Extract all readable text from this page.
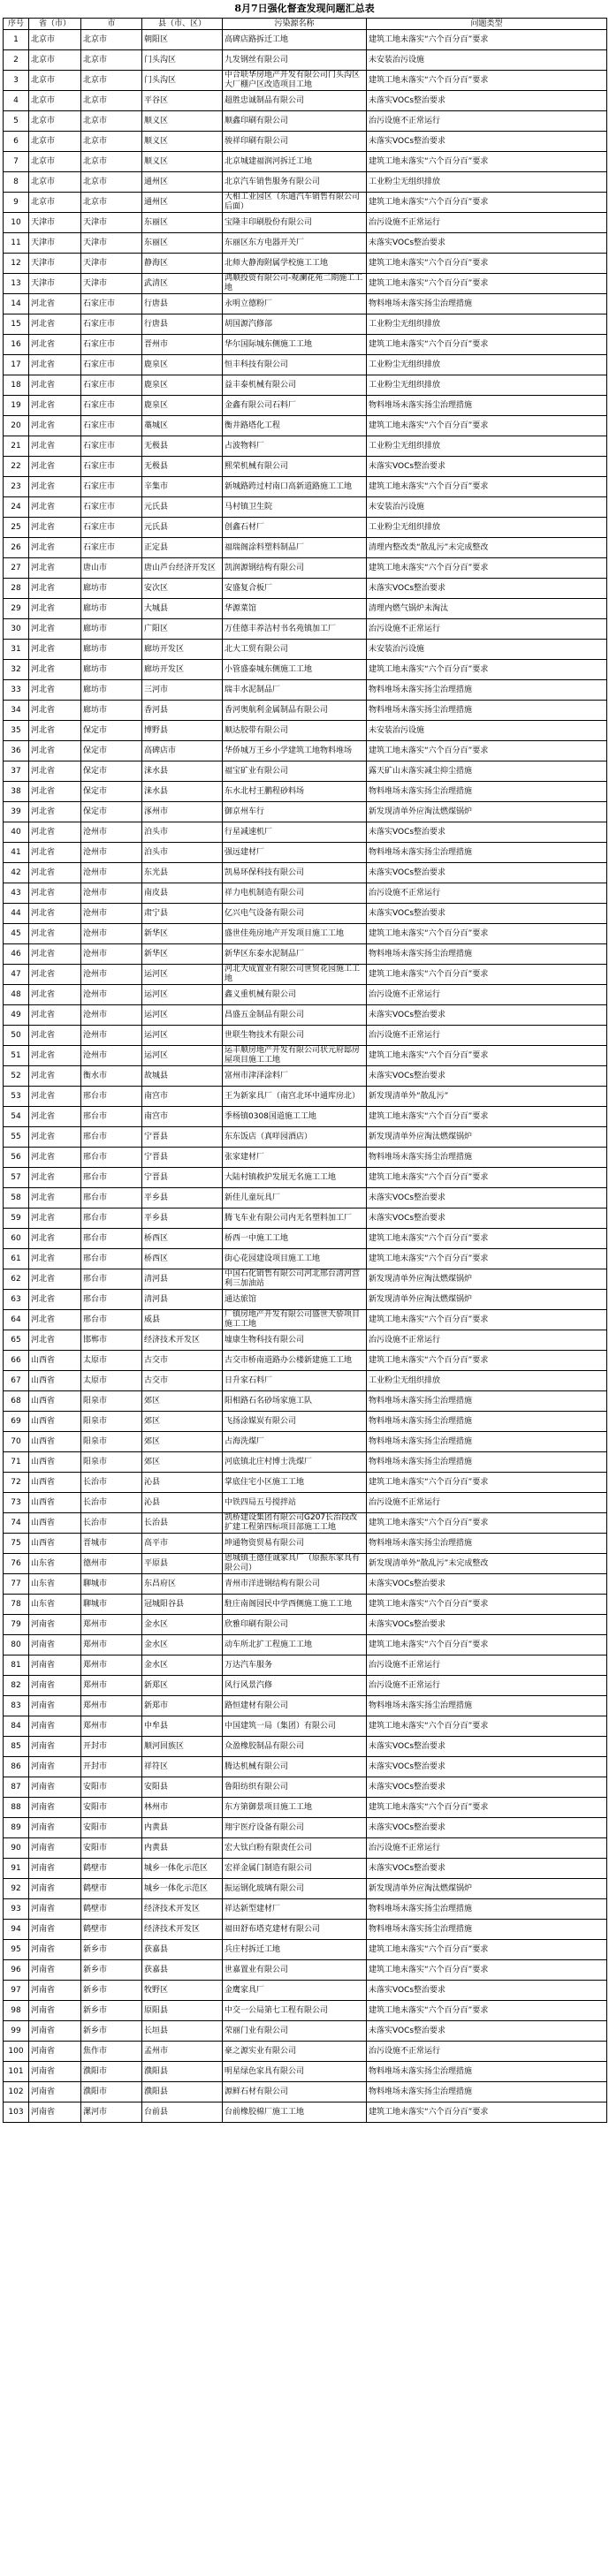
8月7日强化督查发现问题汇总表
序号	省（市）	市	县（市、区）	污染源名称	问题类型
1	北京市	北京市	朝阳区	高碑店路拆迁工地	建筑工地未落实“六个百分百”要求
2	北京市	北京市	门头沟区	九发钢丝有限公司	未安装治污设施
3	北京市	北京市	门头沟区	中合联华房地产开发有限公司门头沟区大厂棚户区改造项目工地	建筑工地未落实“六个百分百”要求
4	北京市	北京市	平谷区	超胜忠诚制品有限公司	未落实VOCs整治要求
5	北京市	北京市	顺义区	顺鑫印刷有限公司	治污设施不正常运行
6	北京市	北京市	顺义区	骏祥印刷有限公司	未落实VOCs整治要求
7	北京市	北京市	顺义区	北京城建福润河拆迁工地	建筑工地未落实“六个百分百”要求
8	北京市	北京市	通州区	北京汽车销售服务有限公司	工业粉尘无组织排放
9	北京市	北京市	通州区	大相工业园区（东通汽车销售有限公司后面）	建筑工地未落实“六个百分百”要求
10	天津市	天津市	东丽区	宝隆丰印刷股份有限公司	治污设施不正常运行
11	天津市	天津市	东丽区	东丽区东方电器开关厂	未落实VOCs整治要求
12	天津市	天津市	静海区	北师大静海附属学校施工工地	建筑工地未落实“六个百分百”要求
13	天津市	天津市	武清区	鸿顺投资有限公司-观澜花苑二期施工工地	建筑工地未落实“六个百分百”要求
14	河北省	石家庄市	行唐县	永明立德粉厂	物料堆场未落实扬尘治理措施
15	河北省	石家庄市	行唐县	胡国源汽修部	工业粉尘无组织排放
16	河北省	石家庄市	晋州市	华尔国际城东侧施工工地	建筑工地未落实“六个百分百”要求
17	河北省	石家庄市	鹿泉区	恒丰科技有限公司	工业粉尘无组织排放
18	河北省	石家庄市	鹿泉区	益丰泰机械有限公司	工业粉尘无组织排放
19	河北省	石家庄市	鹿泉区	金鑫有限公司石料厂	物料堆场未落实扬尘治理措施
20	河北省	石家庄市	藁城区	衡井路塔化工程	建筑工地未落实“六个百分百”要求
21	河北省	石家庄市	无极县	占波物料厂	工业粉尘无组织排放
22	河北省	石家庄市	无极县	熙荣机械有限公司	未落实VOCs整治要求
23	河北省	石家庄市	辛集市	新城路跨过村南口高新道路施工工地	建筑工地未落实“六个百分百”要求
24	河北省	石家庄市	元氏县	马村镇卫生院	未安装治污设施
25	河北省	石家庄市	元氏县	创鑫石材厂	工业粉尘无组织排放
26	河北省	石家庄市	正定县	福瑞阁涂料塑料制品厂	清理内整改类“散乱污”未完成整改
27	河北省	唐山市	唐山芦台经济开发区	凯润源钢结构有限公司	建筑工地未落实“六个百分百”要求
28	河北省	廊坊市	安次区	安盛复合板厂	未落实VOCs整治要求
29	河北省	廊坊市	大城县	华源菜馆	清理内燃气锅炉未淘汰
30	河北省	廊坊市	广阳区	万佳德丰养洁村书名苑镇加工厂	治污设施不正常运行
31	河北省	廊坊市	廊坊开发区	北大工贸有限公司	未安装治污设施
32	河北省	廊坊市	廊坊开发区	小管盛泰城东侧施工工地	建筑工地未落实“六个百分百”要求
33	河北省	廊坊市	三河市	瑞丰水泥制品厂	物料堆场未落实扬尘治理措施
34	河北省	廊坊市	香河县	香河奥航利金属制品有限公司	物料堆场未落实扬尘治理措施
35	河北省	保定市	博野县	顺达胶带有限公司	未安装治污设施
36	河北省	保定市	高碑店市	华侨城万王乡小学建筑工地物料堆场	建筑工地未落实“六个百分百”要求
37	河北省	保定市	涞水县	福宝矿业有限公司	露天矿山未落实减尘抑尘措施
38	河北省	保定市	涞水县	东水北村王鹏程砂料场	物料堆场未落实扬尘治理措施
39	河北省	保定市	涿州市	御京州车行	新发现清单外应淘汰燃煤锅炉
40	河北省	沧州市	泊头市	行星减速机厂	未落实VOCs整治要求
41	河北省	沧州市	泊头市	强远建材厂	物料堆场未落实扬尘治理措施
42	河北省	沧州市	东光县	凯易环保科技有限公司	未落实VOCs整治要求
43	河北省	沧州市	南皮县	祥力电机制造有限公司	治污设施不正常运行
44	河北省	沧州市	肃宁县	亿兴电气设备有限公司	未落实VOCs整治要求
45	河北省	沧州市	新华区	盛世佳苑房地产开发项目施工工地	建筑工地未落实“六个百分百”要求
46	河北省	沧州市	新华区	新华区东泰水泥制品厂	物料堆场未落实扬尘治理措施
47	河北省	沧州市	运河区	河北天成置业有限公司世贸花园施工工地	建筑工地未落实“六个百分百”要求
48	河北省	沧州市	运河区	鑫义重机械有限公司	治污设施不正常运行
49	河北省	沧州市	运河区	昌盛五金制品有限公司	未落实VOCs整治要求
50	河北省	沧州市	运河区	世联生物技术有限公司	治污设施不正常运行
51	河北省	沧州市	运河区	运丰顺房地产开发有限公司状元府邸房屋项目施工工地	建筑工地未落实“六个百分百”要求
52	河北省	衡水市	故城县	富州市津泽涂料厂	未落实VOCs整治要求
53	河北省	邢台市	南宫市	王为新家具厂（南宫北环中通库房北）	新发现清单外“散乱污”
54	河北省	邢台市	南宫市	季杨镇0308国道施工工地	建筑工地未落实“六个百分百”要求
55	河北省	邢台市	宁晋县	东东饭店（真咩园酒店）	新发现清单外应淘汰燃煤锅炉
56	河北省	邢台市	宁晋县	张家建材厂	物料堆场未落实扬尘治理措施
57	河北省	邢台市	宁晋县	大陆村镇救护发展无名施工工地	建筑工地未落实“六个百分百”要求
58	河北省	邢台市	平乡县	新佳儿童玩具厂	未落实VOCs整治要求
59	河北省	邢台市	平乡县	腾飞车业有限公司内无名塑料加工厂	未落实VOCs整治要求
60	河北省	邢台市	桥西区	桥西一中施工工地	建筑工地未落实“六个百分百”要求
61	河北省	邢台市	桥西区	街心花园建设项目施工工地	建筑工地未落实“六个百分百”要求
62	河北省	邢台市	清河县	中国石化销售有限公司河北邢台清河营利三加油站	新发现清单外应淘汰燃煤锅炉
63	河北省	邢台市	清河县	通达旅馆	新发现清单外应淘汰燃煤锅炉
64	河北省	邢台市	威县	厂镇房地产开发有限公司盛世天骄项目施工工地	建筑工地未落实“六个百分百”要求
65	河北省	邯郸市	经济技术开发区	墟康生物科技有限公司	治污设施不正常运行
66	山西省	太原市	古交市	古交市桥南道路办公楼新建施工工地	建筑工地未落实“六个百分百”要求
67	山西省	太原市	古交市	日升家石料厂	工业粉尘无组织排放
68	山西省	阳泉市	郊区	阳相路石名砂场家施工队	物料堆场未落实扬尘治理措施
69	山西省	阳泉市	郊区	飞扬涂媒炭有限公司	物料堆场未落实扬尘治理措施
70	山西省	阳泉市	郊区	占海洗煤厂	物料堆场未落实扬尘治理措施
71	山西省	阳泉市	郊区	河底镇北庄村博士洗煤厂	物料堆场未落实扬尘治理措施
72	山西省	长治市	沁县	掌底住宅小区施工工地	建筑工地未落实“六个百分百”要求
73	山西省	长治市	沁县	中铁四局五号搅拌站	治污设施不正常运行
74	山西省	长治市	长治县	凯桥建设集团有限公司G207长治段改扩建工程第四标项目部施工工地	建筑工地未落实“六个百分百”要求
75	山西省	晋城市	高平市	坤通物资贸易有限公司	物料堆场未落实扬尘治理措施
76	山东省	德州市	平原县	恩城镇王德佳诚家具厂（原振东家具有限公司）	新发现清单外“散乱污”未完成整改
77	山东省	聊城市	东昌府区	青州市洋进钢结构有限公司	未落实VOCs整治要求
78	山东省	聊城市	冠城阳谷县	駐庄南阁园民中学西侧施工施工工地	建筑工地未落实“六个百分百”要求
79	河南省	郑州市	金水区	欣雅印刷有限公司	未落实VOCs整治要求
80	河南省	郑州市	金水区	动车所北扩工程施工工地	建筑工地未落实“六个百分百”要求
81	河南省	郑州市	金水区	万达汽车服务	治污设施不正常运行
82	河南省	郑州市	新郑区	风行风景汽修	治污设施不正常运行
83	河南省	郑州市	新郑市	路恒建材有限公司	物料堆场未落实扬尘治理措施
84	河南省	郑州市	中牟县	中国建筑一局（集团）有限公司	建筑工地未落实“六个百分百”要求
85	河南省	开封市	顺河回族区	众盈橡胶制品有限公司	未落实VOCs整治要求
86	河南省	开封市	祥符区	腾达机械有限公司	未落实VOCs整治要求
87	河南省	安阳市	安阳县	鲁阳纺织有限公司	未落实VOCs整治要求
88	河南省	安阳市	林州市	东方第御景项目施工工地	建筑工地未落实“六个百分百”要求
89	河南省	安阳市	内黄县	翔宇医疗设备有限公司	未落实VOCs整治要求
90	河南省	安阳市	内黄县	宏大钛白粉有限责任公司	治污设施不正常运行
91	河南省	鹤壁市	城乡一体化示范区	宏祥金属门制造有限公司	未落实VOCs整治要求
92	河南省	鹤壁市	城乡一体化示范区	振运钢化玻璃有限公司	新发现清单外应淘汰燃煤锅炉
93	河南省	鹤壁市	经济技术开发区	祥达新型建材厂	物料堆场未落实扬尘治理措施
94	河南省	鹤壁市	经济技术开发区	福田舒布塔克建材有限公司	物料堆场未落实扬尘治理措施
95	河南省	新乡市	获嘉县	兵庄村拆迁工地	建筑工地未落实“六个百分百”要求
96	河南省	新乡市	获嘉县	世嘉置业有限公司	建筑工地未落实“六个百分百”要求
97	河南省	新乡市	牧野区	金鹰家具厂	未落实VOCs整治要求
98	河南省	新乡市	原阳县	中交一公局第七工程有限公司	建筑工地未落实“六个百分百”要求
99	河南省	新乡市	长垣县	荣丽门业有限公司	未落实VOCs整治要求
100	河南省	焦作市	孟州市	豪之源实业有限公司	治污设施不正常运行
101	河南省	濮阳市	濮阳县	明星绿色家具有限公司	物料堆场未落实扬尘治理措施
102	河南省	濮阳市	濮阳县	源鲜石材有限公司	物料堆场未落实扬尘治理措施
103	河南省	漯河市	台前县	台前橡胶棉厂施工工地	建筑工地未落实“六个百分百”要求
